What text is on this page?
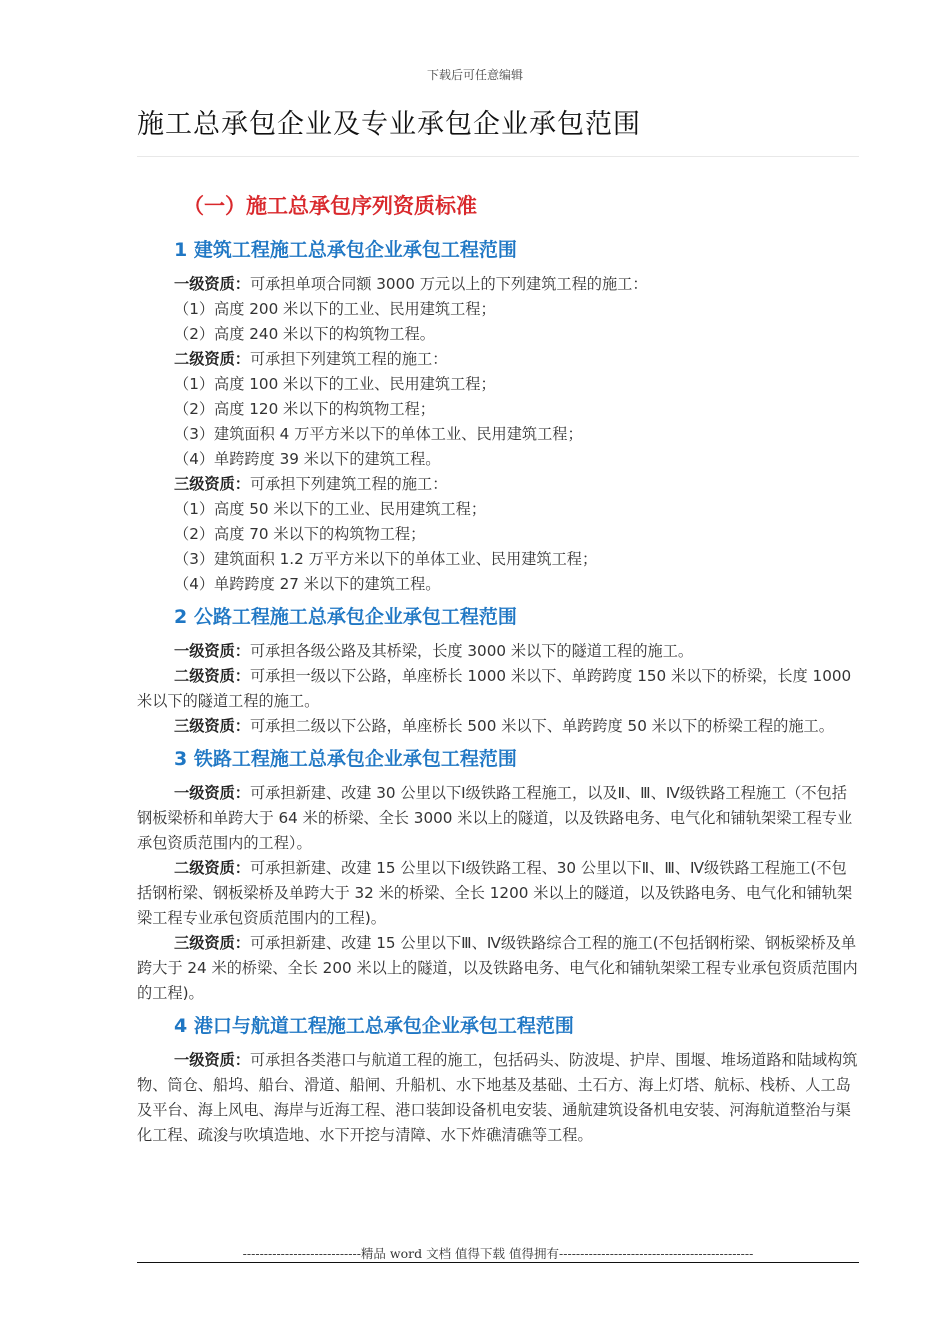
下载后可任意编辑
施工总承包企业及专业承包企业承包范围
（一）施工总承包序列资质标准
1 建筑工程施工总承包企业承包工程范围

一级资质：可承担单项合同额 3000 万元以上的下列建筑工程的施工：

（1）高度 200 米以下的工业、民用建筑工程；

（2）高度 240 米以下的构筑物工程。

二级资质：可承担下列建筑工程的施工：

（1）高度 100 米以下的工业、民用建筑工程；

（2）高度 120 米以下的构筑物工程；

（3）建筑面积 4 万平方米以下的单体工业、民用建筑工程；

（4）单跨跨度 39 米以下的建筑工程。

三级资质：可承担下列建筑工程的施工：

（1）高度 50 米以下的工业、民用建筑工程；

（2）高度 70 米以下的构筑物工程；

（3）建筑面积 1.2 万平方米以下的单体工业、民用建筑工程；

（4）单跨跨度 27 米以下的建筑工程。

2 公路工程施工总承包企业承包工程范围

一级资质：可承担各级公路及其桥梁，长度 3000 米以下的隧道工程的施工。

二级资质：可承担一级以下公路，单座桥长 1000 米以下、单跨跨度 150 米以下的桥梁，长度 1000 米以下的隧道工程的施工。

三级资质：可承担二级以下公路，单座桥长 500 米以下、单跨跨度 50 米以下的桥梁工程的施工。

3 铁路工程施工总承包企业承包工程范围

一级资质：可承担新建、改建 30 公里以下Ⅰ级铁路工程施工，以及Ⅱ、Ⅲ、Ⅳ级铁路工程施工（不包括钢板梁桥和单跨大于 64 米的桥梁、全长 3000 米以上的隧道，以及铁路电务、电气化和铺轨架梁工程专业承包资质范围内的工程）。

二级资质：可承担新建、改建 15 公里以下Ⅰ级铁路工程、30 公里以下Ⅱ、Ⅲ、Ⅳ级铁路工程施工(不包括钢桁梁、钢板梁桥及单跨大于 32 米的桥梁、全长 1200 米以上的隧道，以及铁路电务、电气化和铺轨架梁工程专业承包资质范围内的工程)。

三级资质：可承担新建、改建 15 公里以下Ⅲ、Ⅳ级铁路综合工程的施工(不包括钢桁梁、钢板梁桥及单跨大于 24 米的桥梁、全长 200 米以上的隧道，以及铁路电务、电气化和铺轨架梁工程专业承包资质范围内的工程)。

4 港口与航道工程施工总承包企业承包工程范围

一级资质：可承担各类港口与航道工程的施工，包括码头、防波堤、护岸、围堰、堆场道路和陆域构筑物、筒仓、船坞、船台、滑道、船闸、升船机、水下地基及基础、土石方、海上灯塔、航标、栈桥、人工岛及平台、海上风电、海岸与近海工程、港口装卸设备机电安装、通航建筑设备机电安装、河海航道整治与渠化工程、疏浚与吹填造地、水下开挖与清障、水下炸礁清礁等工程。

----------------------------精品 word 文档 值得下载 值得拥有----------------------------------------------
